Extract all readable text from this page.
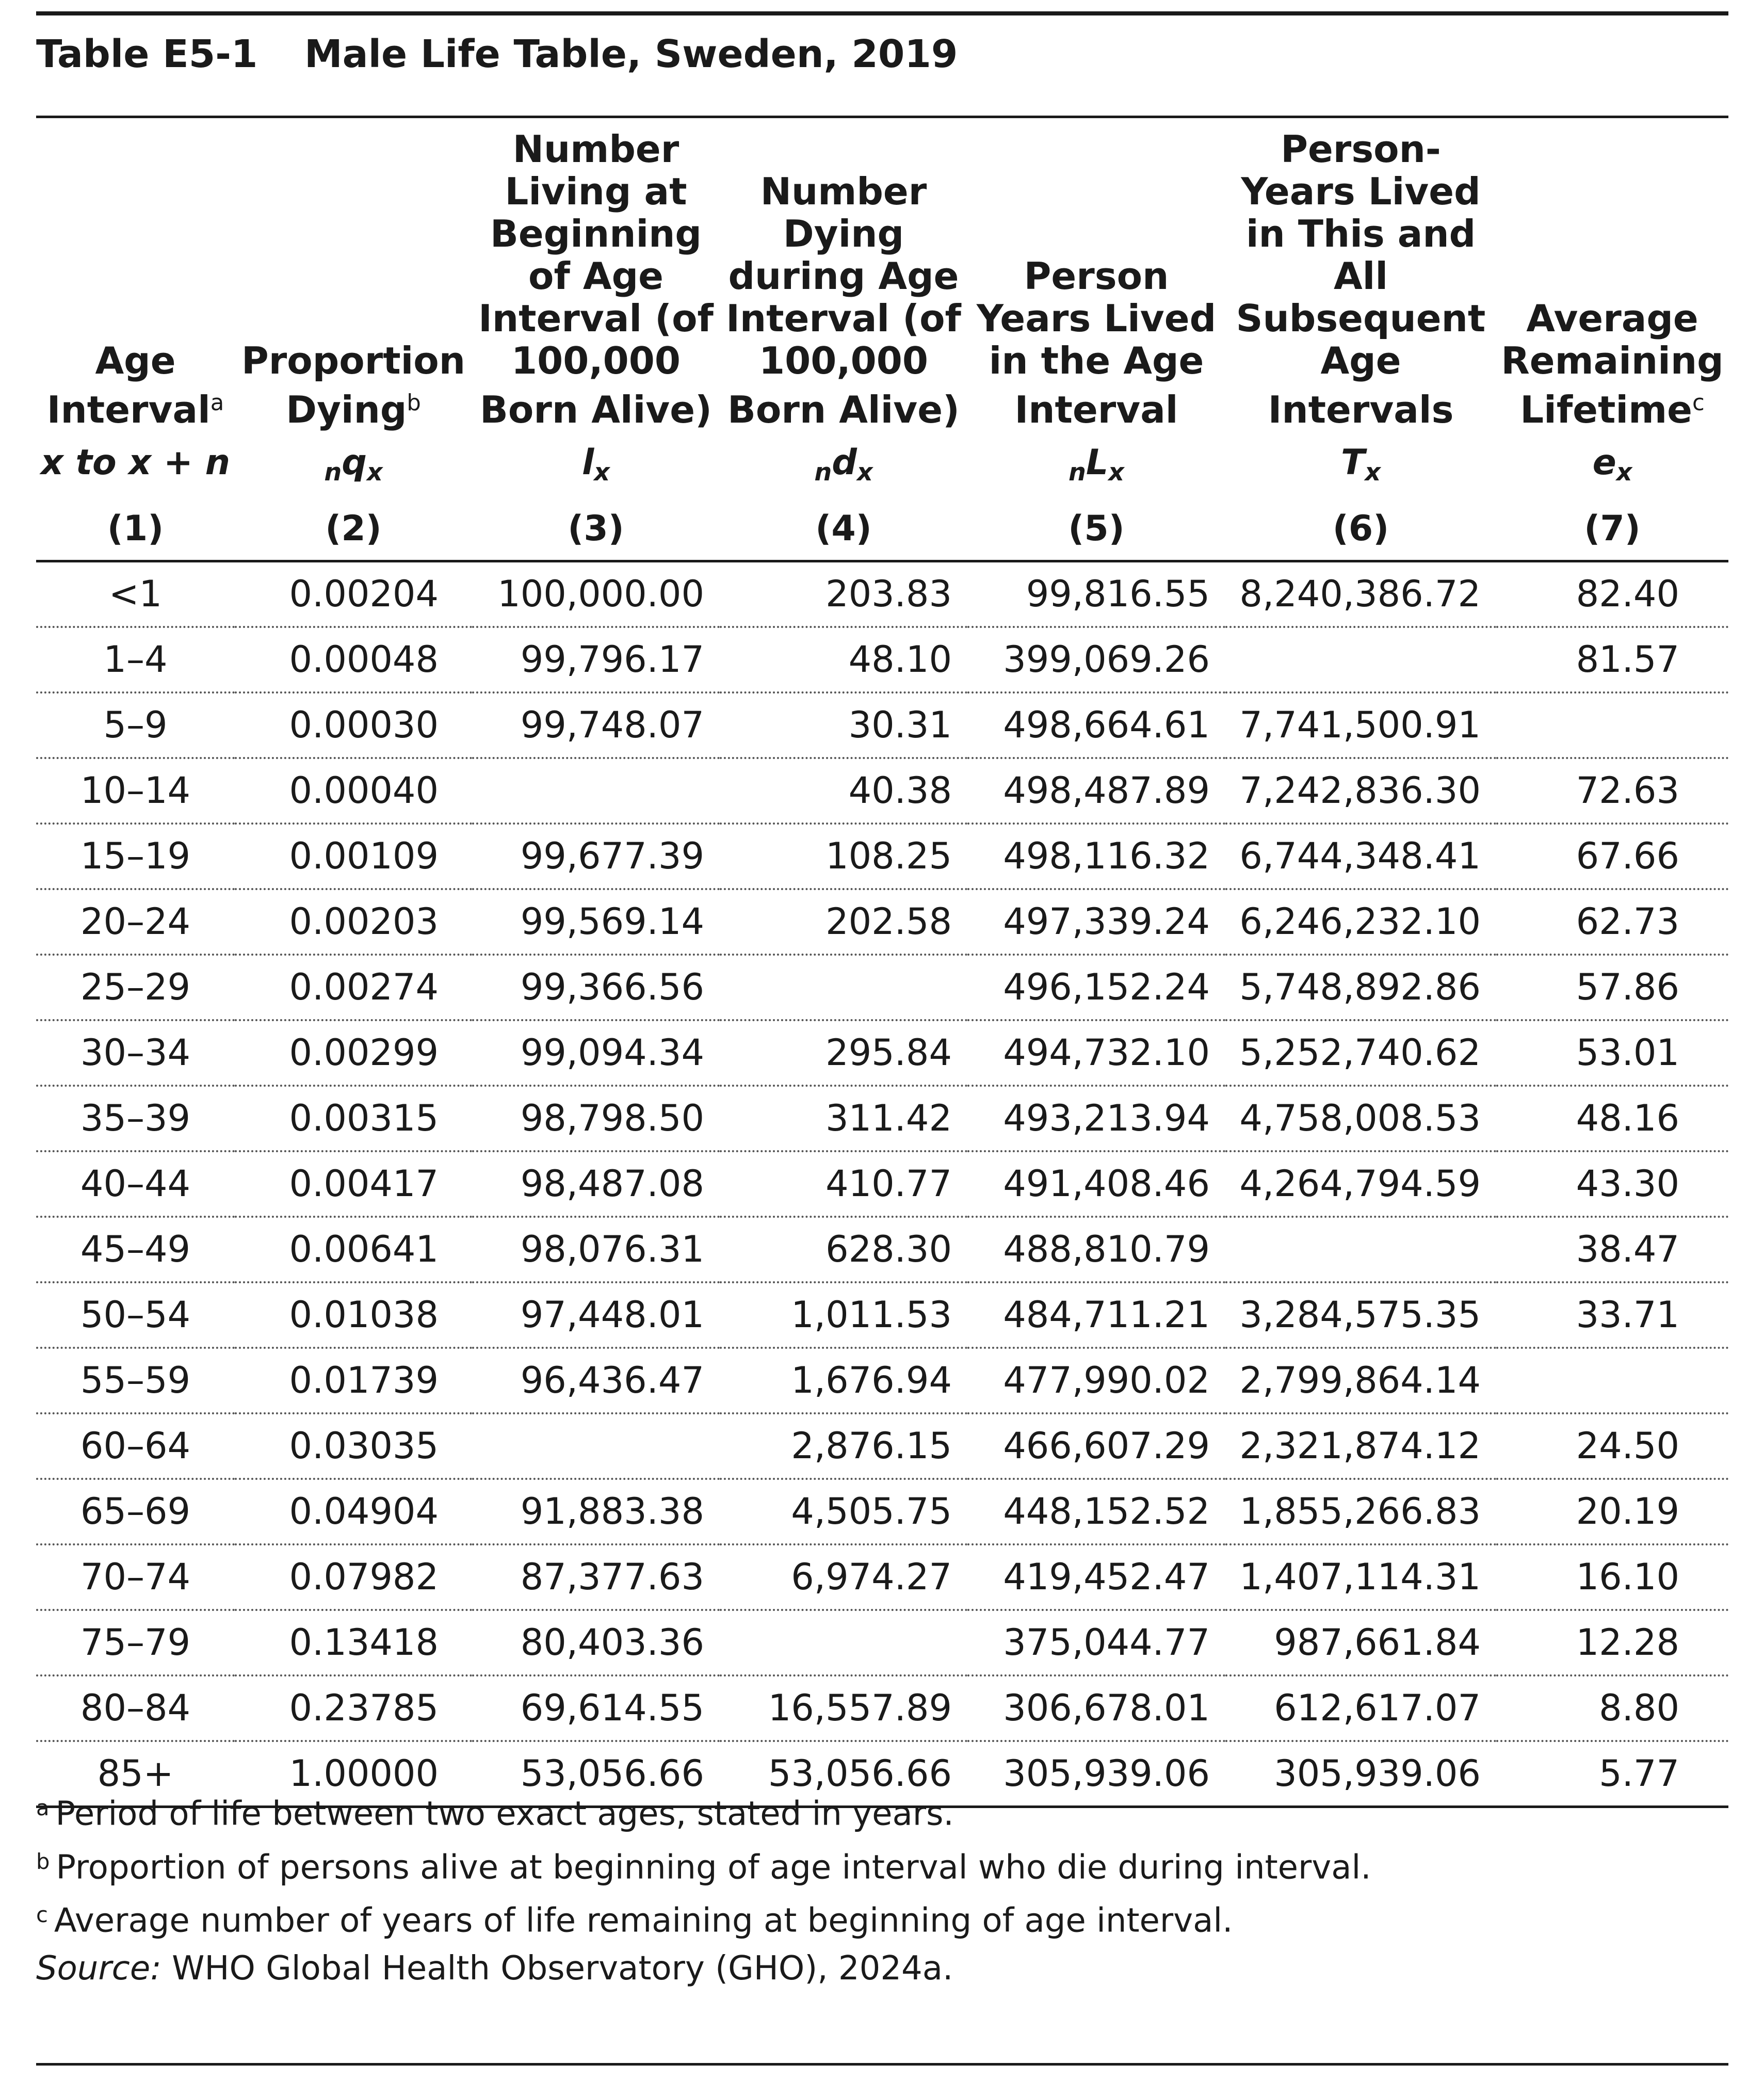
Table E5-1 Male Life Table, Sweden, 2019
Age Interval$^a$	Proportion Dying$^b$	Number Living at Beginning of Age Interval (of 100,000 Born Alive)	Number Dying during Age Interval (of 100,000 Born Alive)	Person Years Lived in the Age Interval	Person-Years Lived in This and All Subsequent Age Intervals	Average Remaining Lifetime$^c$
x to x + n	$_nq_x$	$l_x$	$_nd_x$	$_nL_x$	$T_x$	$e_x$
(1)	(2)	(3)	(4)	(5)	(6)	(7)
<1	0.00204	100,000.00	203.83	99,816.55	8,240,386.72	82.40
1–4	0.00048	99,796.17	48.10	399,069.26		81.57
5–9	0.00030	99,748.07	30.31	498,664.61	7,741,500.91	
10–14	0.00040		40.38	498,487.89	7,242,836.30	72.63
15–19	0.00109	99,677.39	108.25	498,116.32	6,744,348.41	67.66
20–24	0.00203	99,569.14	202.58	497,339.24	6,246,232.10	62.73
25–29	0.00274	99,366.56		496,152.24	5,748,892.86	57.86
30–34	0.00299	99,094.34	295.84	494,732.10	5,252,740.62	53.01
35–39	0.00315	98,798.50	311.42	493,213.94	4,758,008.53	48.16
40–44	0.00417	98,487.08	410.77	491,408.46	4,264,794.59	43.30
45–49	0.00641	98,076.31	628.30	488,810.79		38.47
50–54	0.01038	97,448.01	1,011.53	484,711.21	3,284,575.35	33.71
55–59	0.01739	96,436.47	1,676.94	477,990.02	2,799,864.14	
60–64	0.03035		2,876.15	466,607.29	2,321,874.12	24.50
65–69	0.04904	91,883.38	4,505.75	448,152.52	1,855,266.83	20.19
70–74	0.07982	87,377.63	6,974.27	419,452.47	1,407,114.31	16.10
75–79	0.13418	80,403.36		375,044.77	987,661.84	12.28
80–84	0.23785	69,614.55	16,557.89	306,678.01	612,617.07	8.80
85+	1.00000	53,056.66	53,056.66	305,939.06	305,939.06	5.77
$^a$ Period of life between two exact ages, stated in years.
$^b$ Proportion of persons alive at beginning of age interval who die during interval.
$^c$ Average number of years of life remaining at beginning of age interval.
Source: WHO Global Health Observatory (GHO), 2024a.
